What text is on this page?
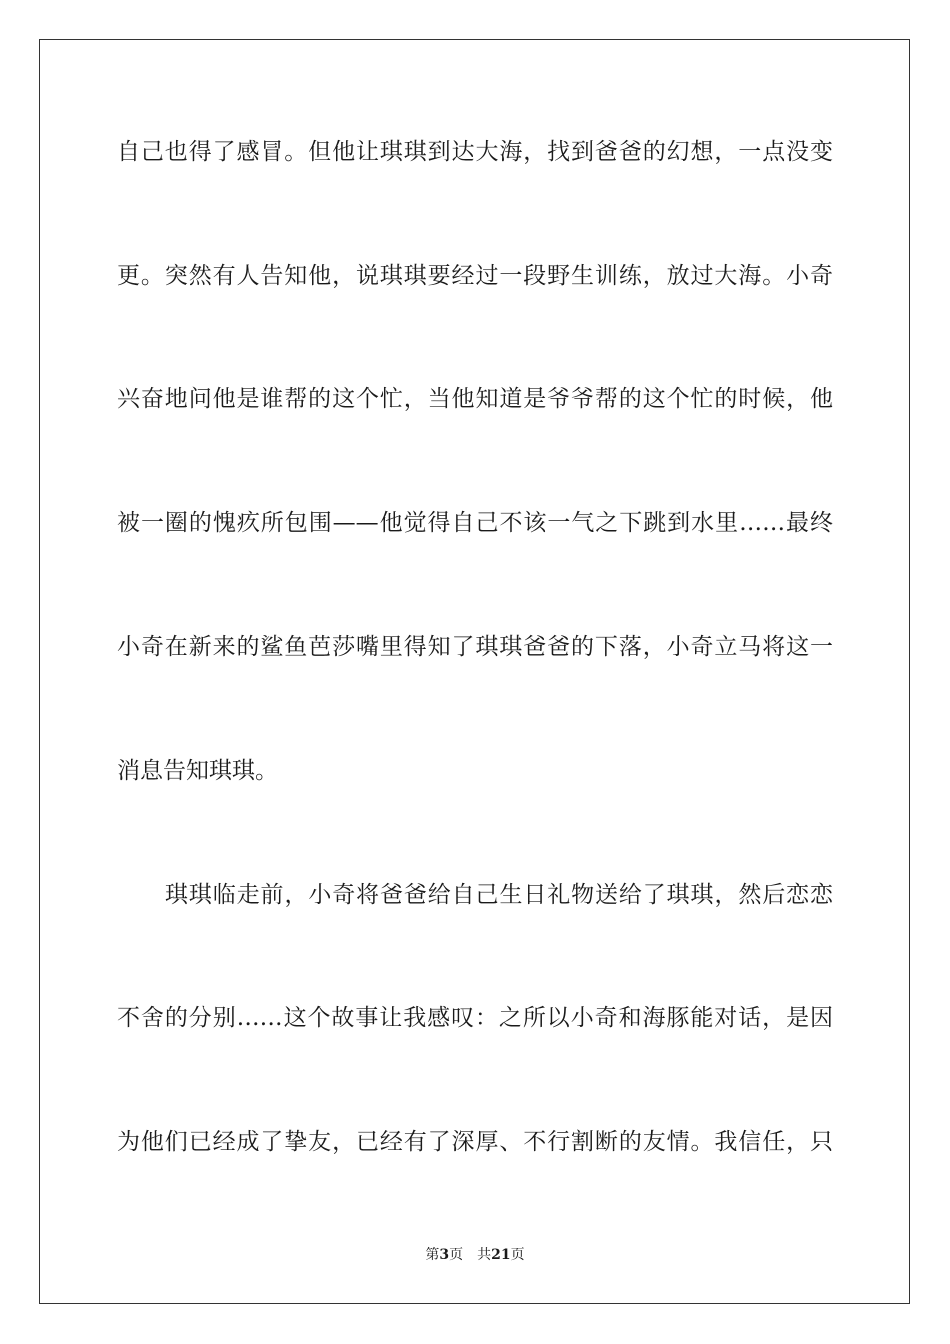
自己也得了感冒。但他让琪琪到达大海，找到爸爸的幻想，一点没变
更。突然有人告知他，说琪琪要经过一段野生训练，放过大海。小奇
兴奋地问他是谁帮的这个忙，当他知道是爷爷帮的这个忙的时候，他
被一圈的愧疚所包围——他觉得自己不该一气之下跳到水里……最终
小奇在新来的鲨鱼芭莎嘴里得知了琪琪爸爸的下落，小奇立马将这一
消息告知琪琪。
琪琪临走前，小奇将爸爸给自己生日礼物送给了琪琪，然后恋恋
不舍的分别……这个故事让我感叹：之所以小奇和海豚能对话，是因
为他们已经成了挚友，已经有了深厚、不行割断的友情。我信任，只
第3页 共21页
